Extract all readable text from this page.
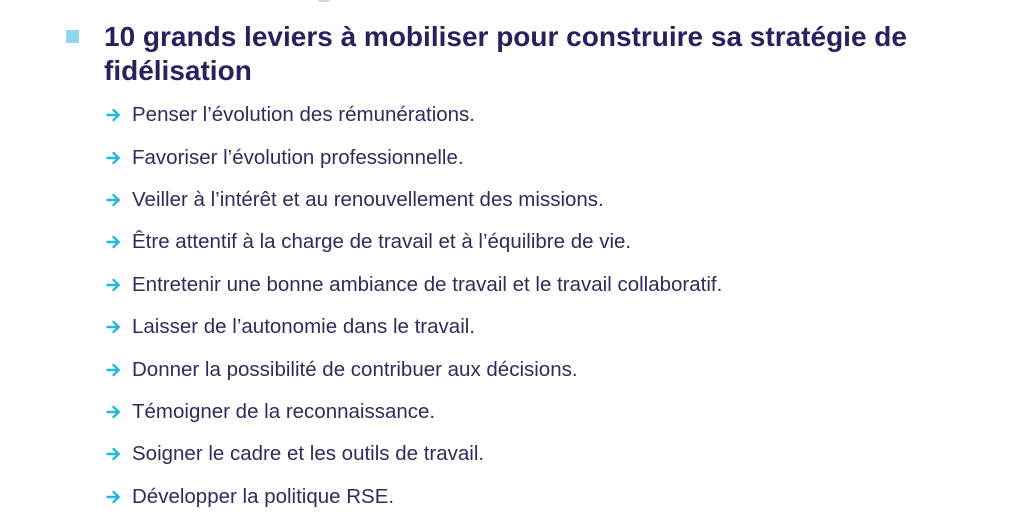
10 grands leviers à mobiliser pour construire sa stratégie de fidélisation
Penser l’évolution des rémunérations.
Favoriser l’évolution professionnelle.
Veiller à l’intérêt et au renouvellement des missions.
Être attentif à la charge de travail et à l’équilibre de vie.
Entretenir une bonne ambiance de travail et le travail collaboratif.
Laisser de l’autonomie dans le travail.
Donner la possibilité de contribuer aux décisions.
Témoigner de la reconnaissance.
Soigner le cadre et les outils de travail.
Développer la politique RSE.
